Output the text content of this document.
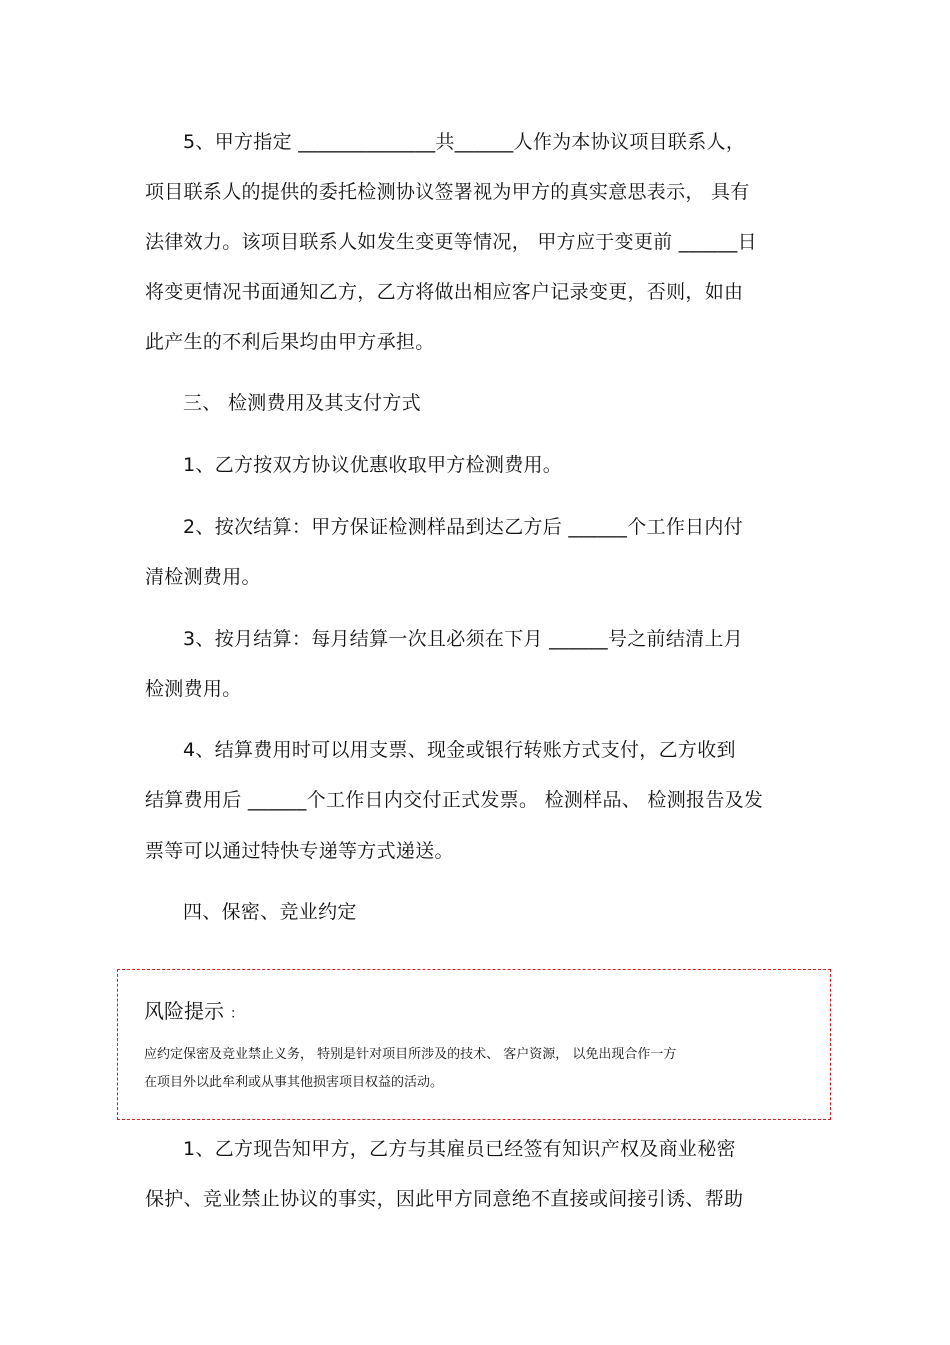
5、甲方指定 ______________共______人作为本协议项目联系人，
项目联系人的提供的委托检测协议签署视为甲方的真实意思表示， 具有
法律效力。该项目联系人如发生变更等情况， 甲方应于变更前 ______日
将变更情况书面通知乙方，乙方将做出相应客户记录变更，否则，如由
此产生的不利后果均由甲方承担。
三、 检测费用及其支付方式
1、乙方按双方协议优惠收取甲方检测费用。
2、按次结算：甲方保证检测样品到达乙方后 ______个工作日内付
清检测费用。
3、按月结算：每月结算一次且必须在下月 ______号之前结清上月
检测费用。
4、结算费用时可以用支票、现金或银行转账方式支付，乙方收到
结算费用后 ______个工作日内交付正式发票。 检测样品、 检测报告及发
票等可以通过特快专递等方式递送。
四、保密、竞业约定
风险提示 ：
应约定保密及竞业禁止义务， 特别是针对项目所涉及的技术、 客户资源， 以免出现合作一方
在项目外以此牟利或从事其他损害项目权益的活动。
1、乙方现告知甲方，乙方与其雇员已经签有知识产权及商业秘密
保护、竞业禁止协议的事实，因此甲方同意绝不直接或间接引诱、帮助
